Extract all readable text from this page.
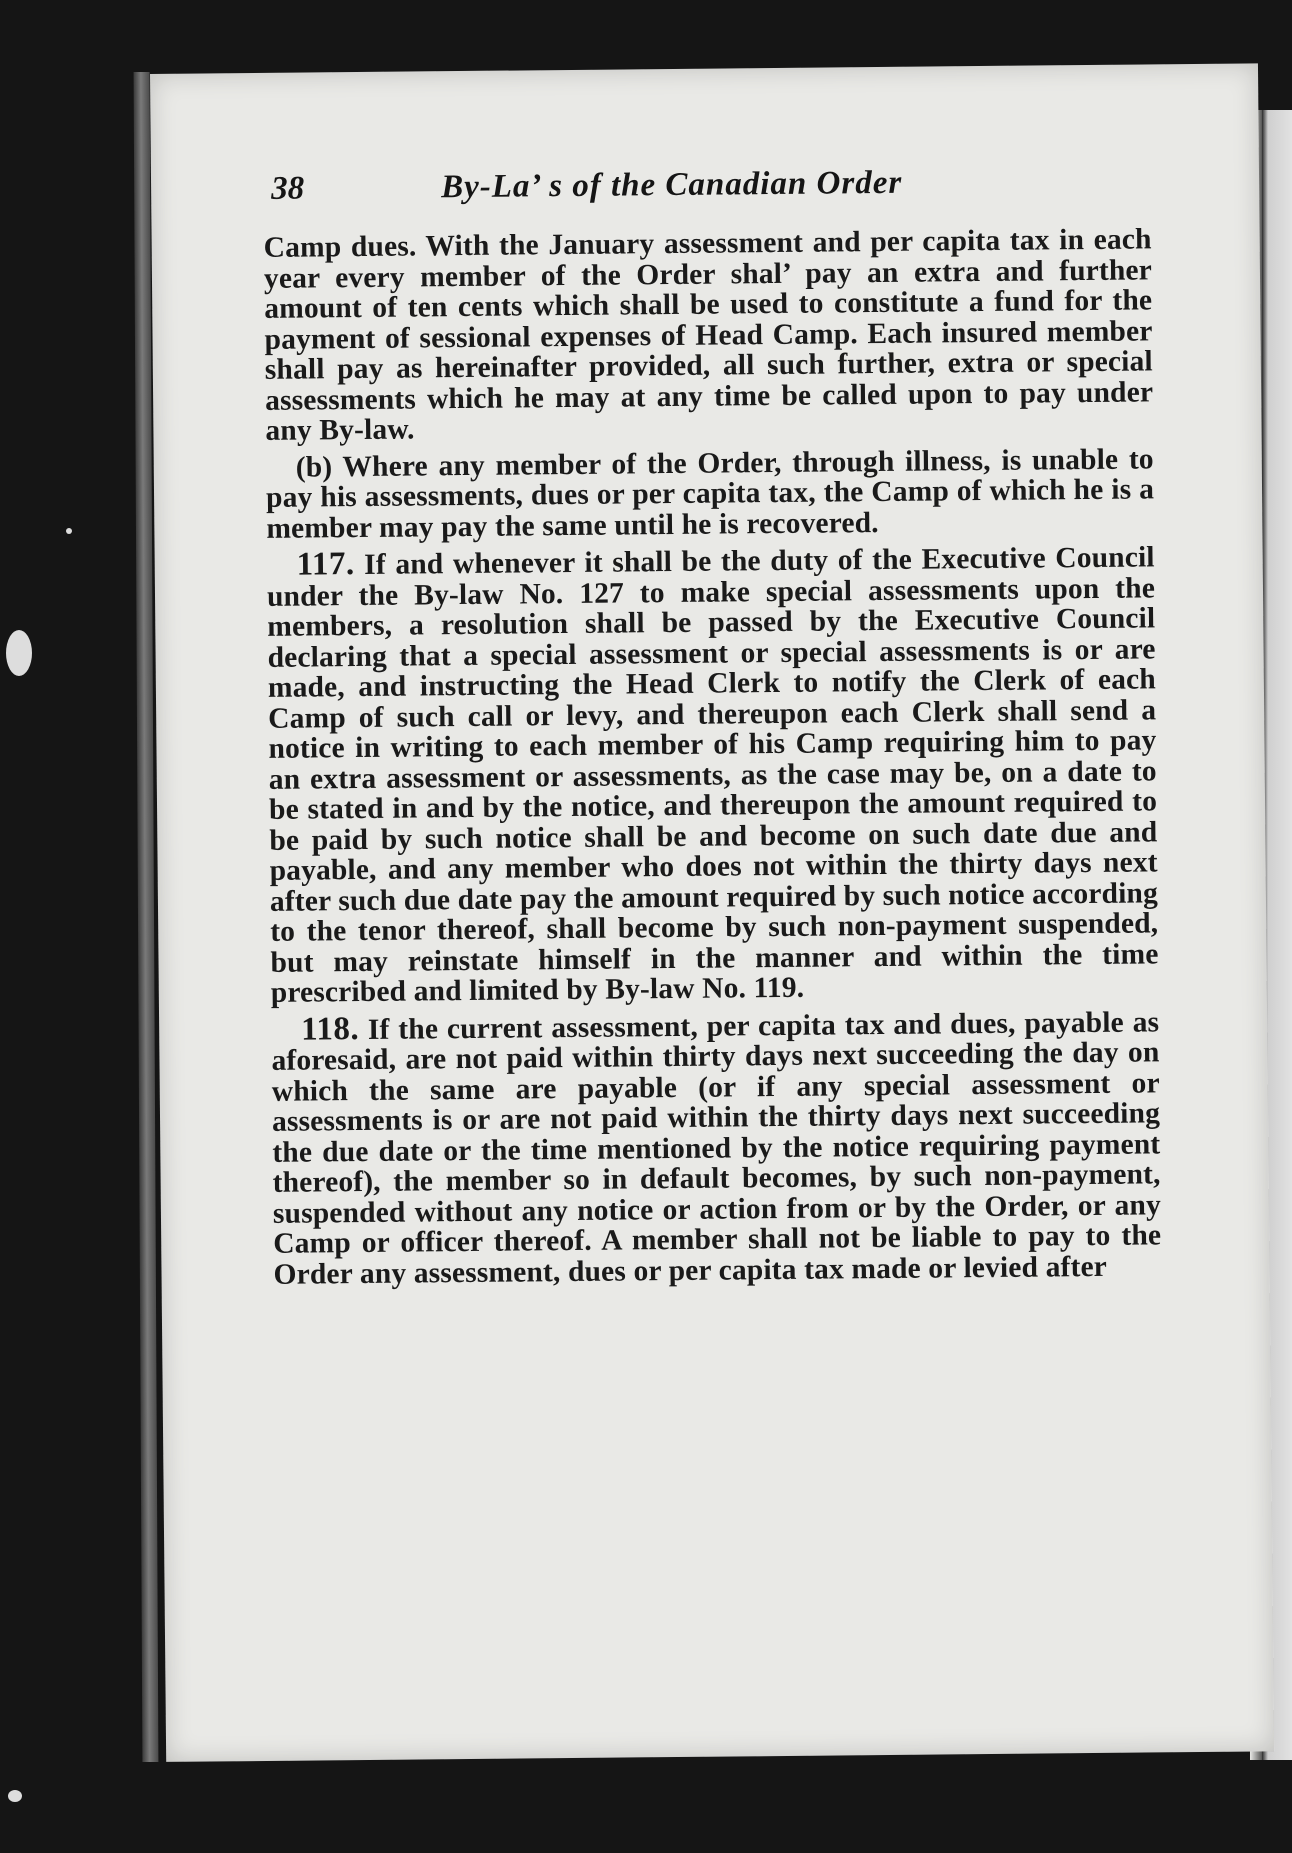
38	By-La’ s of the Canadian Order

Camp dues. With the January assessment and per capita tax in each year every member of the Order shal’ pay an extra and further amount of ten cents which shall be used to constitute a fund for the payment of sessional expenses of Head Camp. Each insured member shall pay as hereinafter provided, all such further, extra or special assessments which he may at any time be called upon to pay under any By-law.

(b) Where any member of the Order, through illness, is unable to pay his assessments, dues or per capita tax, the Camp of which he is a member may pay the same until he is recovered.

117. If and whenever it shall be the duty of the Executive Council under the By-law No. 127 to make special assessments upon the members, a resolution shall be passed by the Executive Council declaring that a special assessment or special assessments is or are made, and instructing the Head Clerk to notify the Clerk of each Camp of such call or levy, and thereupon each Clerk shall send a notice in writing to each member of his Camp requiring him to pay an extra assessment or assessments, as the case may be, on a date to be stated in and by the notice, and thereupon the amount required to be paid by such notice shall be and become on such date due and payable, and any member who does not within the thirty days next after such due date pay the amount required by such notice according to the tenor thereof, shall become by such non-payment suspended, but may reinstate himself in the manner and within the time prescribed and limited by By-law No. 119.

118. If the current assessment, per capita tax and dues, payable as aforesaid, are not paid within thirty days next succeeding the day on which the same are payable (or if any special assessment or assessments is or are not paid within the thirty days next succeeding the due date or the time mentioned by the notice requiring payment thereof), the member so in default becomes, by such non-payment, suspended without any notice or action from or by the Order, or any Camp or officer thereof. A member shall not be liable to pay to the Order any assessment, dues or per capita tax made or levied after
